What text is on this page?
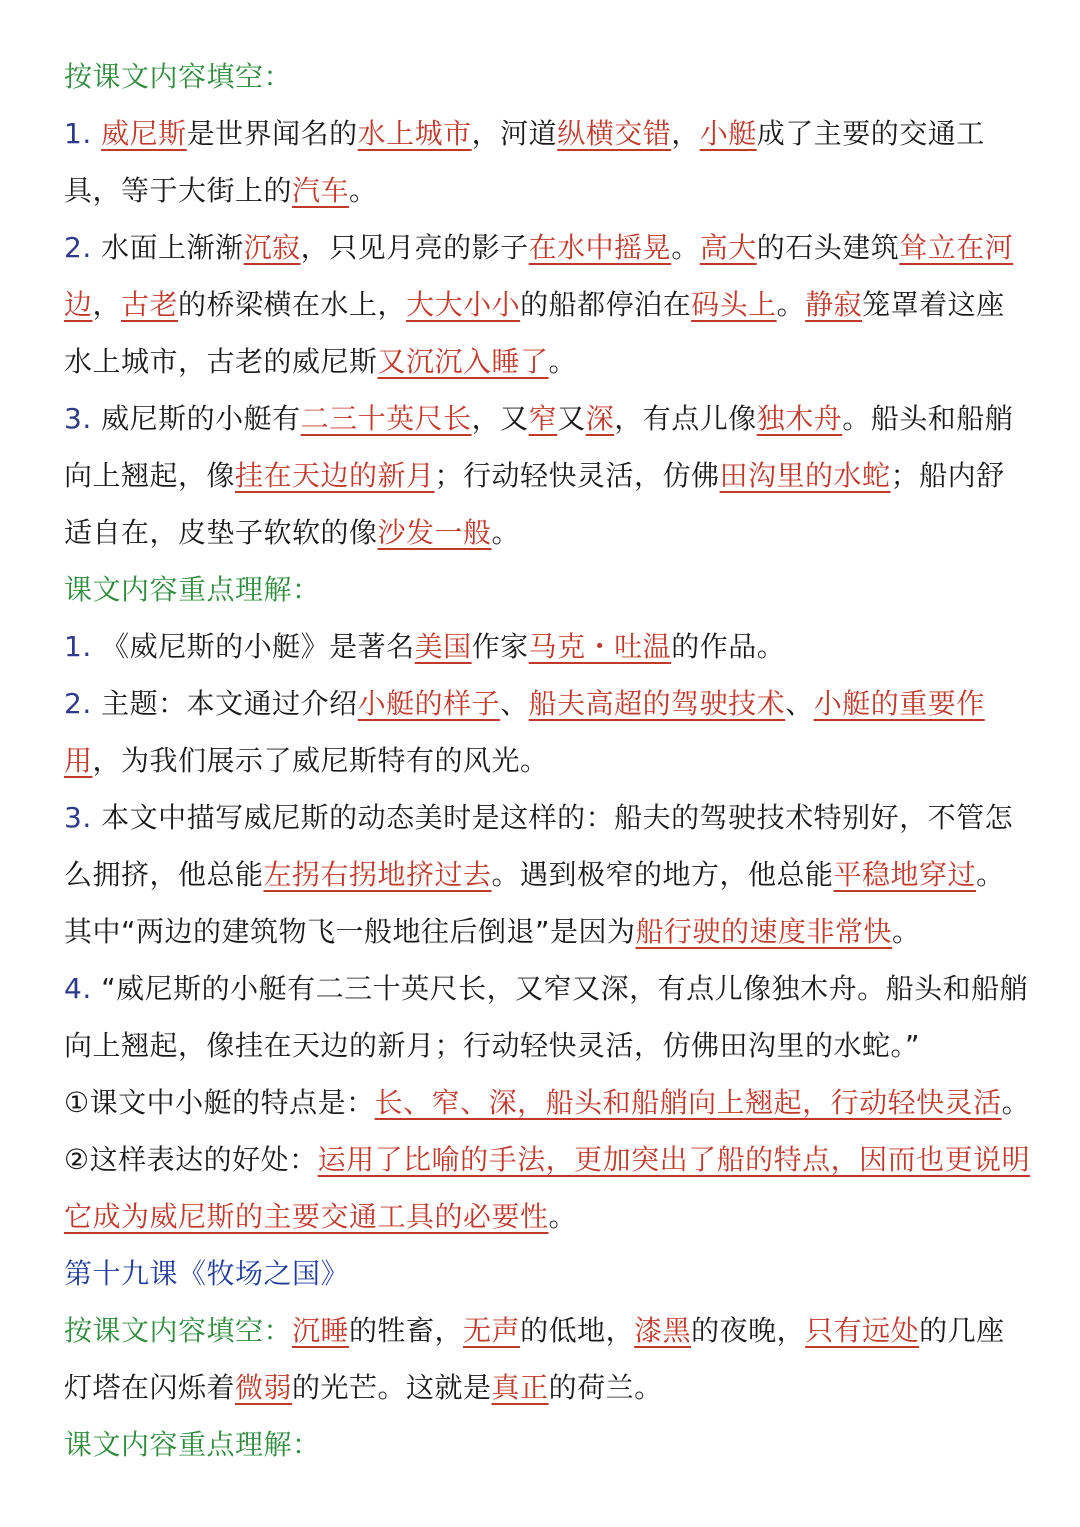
按课文内容填空：

1. 威尼斯是世界闻名的水上城市，河道纵横交错，小艇成了主要的交通工具，等于大街上的汽车。

2. 水面上渐渐沉寂，只见月亮的影子在水中摇晃。高大的石头建筑耸立在河边，古老的桥梁横在水上，大大小小的船都停泊在码头上。静寂笼罩着这座水上城市，古老的威尼斯又沉沉入睡了。

3. 威尼斯的小艇有二三十英尺长，又窄又深，有点儿像独木舟。船头和船艄向上翘起，像挂在天边的新月；行动轻快灵活，仿佛田沟里的水蛇；船内舒适自在，皮垫子软软的像沙发一般。

课文内容重点理解：

1. 《威尼斯的小艇》是著名美国作家马克・吐温的作品。

2. 主题：本文通过介绍小艇的样子、船夫高超的驾驶技术、小艇的重要作用，为我们展示了威尼斯特有的风光。

3. 本文中描写威尼斯的动态美时是这样的：船夫的驾驶技术特别好，不管怎么拥挤，他总能左拐右拐地挤过去。遇到极窄的地方，他总能平稳地穿过。其中“两边的建筑物飞一般地往后倒退”是因为船行驶的速度非常快。

4. “威尼斯的小艇有二三十英尺长，又窄又深，有点儿像独木舟。船头和船艄向上翘起，像挂在天边的新月；行动轻快灵活，仿佛田沟里的水蛇。”

①课文中小艇的特点是：长、窄、深，船头和船艄向上翘起，行动轻快灵活。

②这样表达的好处：运用了比喻的手法，更加突出了船的特点，因而也更说明它成为威尼斯的主要交通工具的必要性。

第十九课《牧场之国》

按课文内容填空：沉睡的牲畜，无声的低地，漆黑的夜晚，只有远处的几座灯塔在闪烁着微弱的光芒。这就是真正的荷兰。

课文内容重点理解：
